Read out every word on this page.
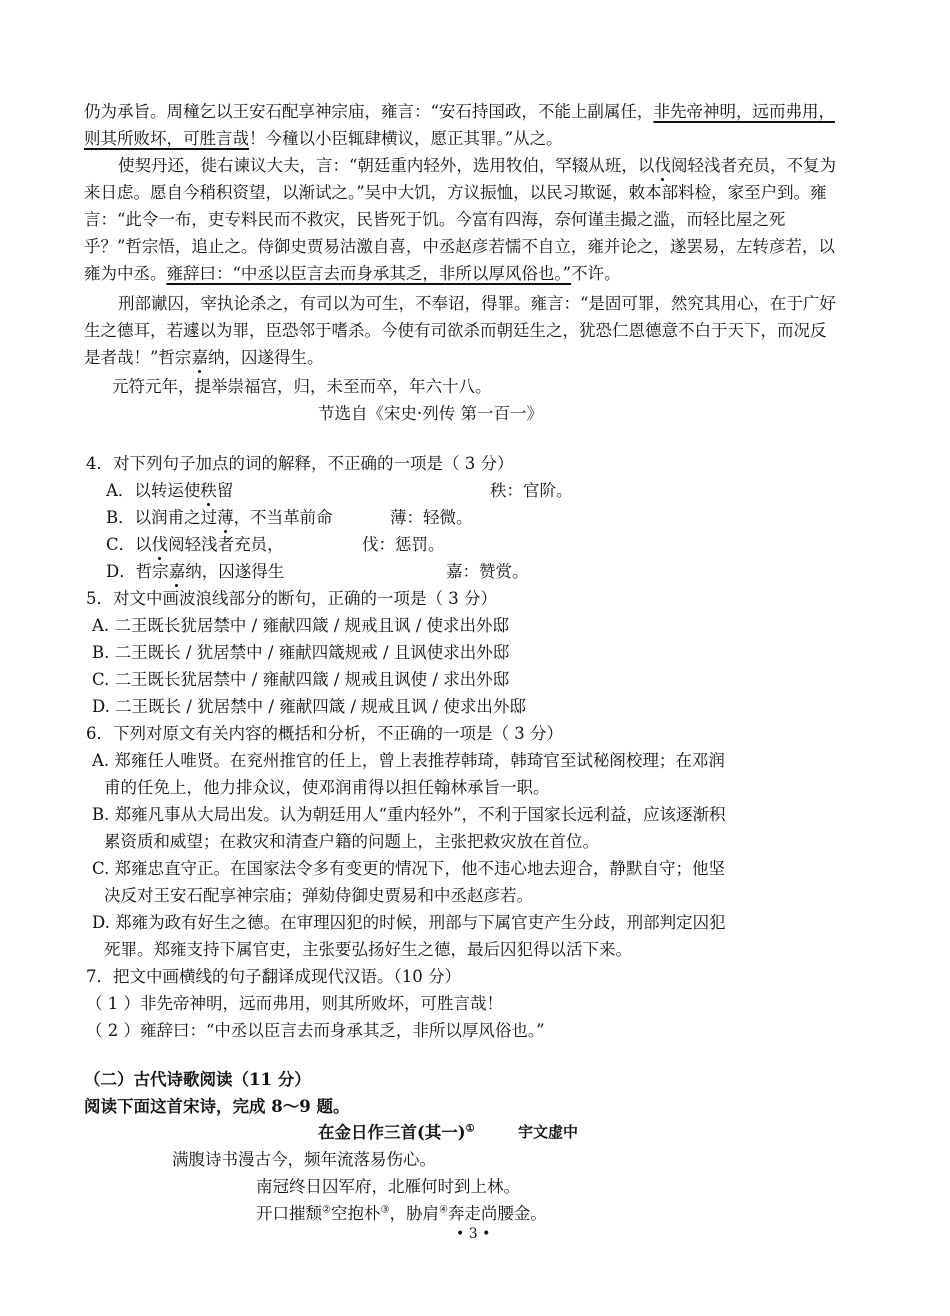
仍为承旨。周穜乞以王安石配享神宗庙，雍言：“安石持国政，不能上副属任，非先帝神明，远而弗用，
则其所败坏，可胜言哉！今穜以小臣辄肆横议，愿正其罪。”从之。
使契丹还，徙右谏议大夫，言：“朝廷重内轻外，选用牧伯，罕辍从班，以伐阅轻浅者充员，不复为
来日虑。愿自今稍积资望，以渐试之。”吴中大饥，方议振恤，以民习欺诞，敕本部料检，家至户到。雍
言：“此令一布，吏专料民而不救灾，民皆死于饥。今富有四海，奈何谨圭撮之滥，而轻比屋之死
乎？”哲宗悟，追止之。侍御史贾易沽激自喜，中丞赵彦若懦不自立，雍并论之，遂罢易，左转彦若，以
雍为中丞。雍辞曰：“中丞以臣言去而身承其乏，非所以厚风俗也。”不许。
刑部谳囚，宰执论杀之，有司以为可生，不奉诏，得罪。雍言：“是固可罪，然究其用心，在于广好
生之德耳，若遽以为罪，臣恐邻于嗜杀。今使有司欲杀而朝廷生之，犹恐仁恩德意不白于天下，而况反
是者哉！”哲宗嘉纳，囚遂得生。
元符元年，提举崇福宫，归，未至而卒，年六十八。
节选自《宋史·列传 第一百一》
4．对下列句子加点的词的解释，不正确的一项是（ 3 分）
A．以转运使秩留	秩：官阶。
B．以润甫之过薄，不当革前命	薄：轻微。
C．以伐阅轻浅者充员，	伐：惩罚。
D．哲宗嘉纳，囚遂得生	嘉：赞赏。
5．对文中画波浪线部分的断句，正确的一项是（ 3 分）
A. 二王既长犹居禁中 / 雍献四箴 / 规戒且讽 / 使求出外邸
B. 二王既长 / 犹居禁中 / 雍献四箴规戒 / 且讽使求出外邸
C. 二王既长犹居禁中 / 雍献四箴 / 规戒且讽使 / 求出外邸
D. 二王既长 / 犹居禁中 / 雍献四箴 / 规戒且讽 / 使求出外邸
6．下列对原文有关内容的概括和分析，不正确的一项是（ 3 分）
A. 郑雍任人唯贤。在兖州推官的任上，曾上表推荐韩琦，韩琦官至试秘阁校理；在邓润
甫的任免上，他力排众议，使邓润甫得以担任翰林承旨一职。
B. 郑雍凡事从大局出发。认为朝廷用人“重内轻外”，不利于国家长远利益，应该逐渐积
累资质和威望；在救灾和清查户籍的问题上，主张把救灾放在首位。
C. 郑雍忠直守正。在国家法令多有变更的情况下，他不违心地去迎合，静默自守；他坚
决反对王安石配享神宗庙；弹劾侍御史贾易和中丞赵彦若。
D. 郑雍为政有好生之德。在审理囚犯的时候，刑部与下属官吏产生分歧，刑部判定囚犯
死罪。郑雍支持下属官吏，主张要弘扬好生之德，最后囚犯得以活下来。
7．把文中画横线的句子翻译成现代汉语。（10 分）
（ 1 ）非先帝神明，远而弗用，则其所败坏，可胜言哉！
（ 2 ）雍辞曰：“中丞以臣言去而身承其乏，非所以厚风俗也。”
（二）古代诗歌阅读（11 分）
阅读下面这首宋诗，完成 8～9 题。
在金日作三首(其一)①	宇文虚中
满腹诗书漫古今，频年流落易伤心。
南冠终日囚军府，北雁何时到上林。
开口摧颓②空抱朴③，胁肩④奔走尚腰金。
• 3 •
